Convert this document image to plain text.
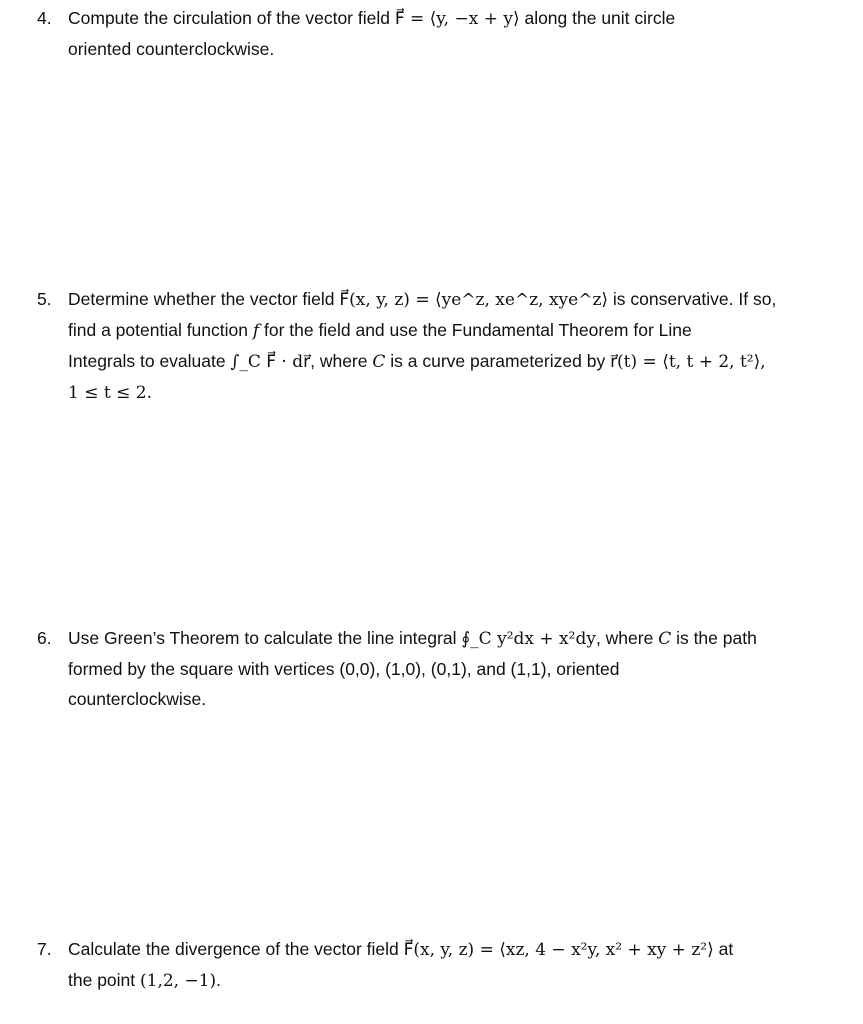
4. Compute the circulation of the vector field F⃗ = ⟨y, −x + y⟩ along the unit circle
oriented counterclockwise.
5. Determine whether the vector field F⃗(x, y, z) = ⟨ye^z, xe^z, xye^z⟩ is conservative. If so,
find a potential function f for the field and use the Fundamental Theorem for Line
Integrals to evaluate ∫_C F⃗ · dr⃗, where C is a curve parameterized by r⃗(t) = ⟨t, t + 2, t²⟩,
1 ≤ t ≤ 2.
6. Use Green’s Theorem to calculate the line integral ∮_C y²dx + x²dy, where C is the path
formed by the square with vertices (0,0), (1,0), (0,1), and (1,1), oriented
counterclockwise.
7. Calculate the divergence of the vector field F⃗(x, y, z) = ⟨xz, 4 − x²y, x² + xy + z²⟩ at
the point (1,2, −1).
